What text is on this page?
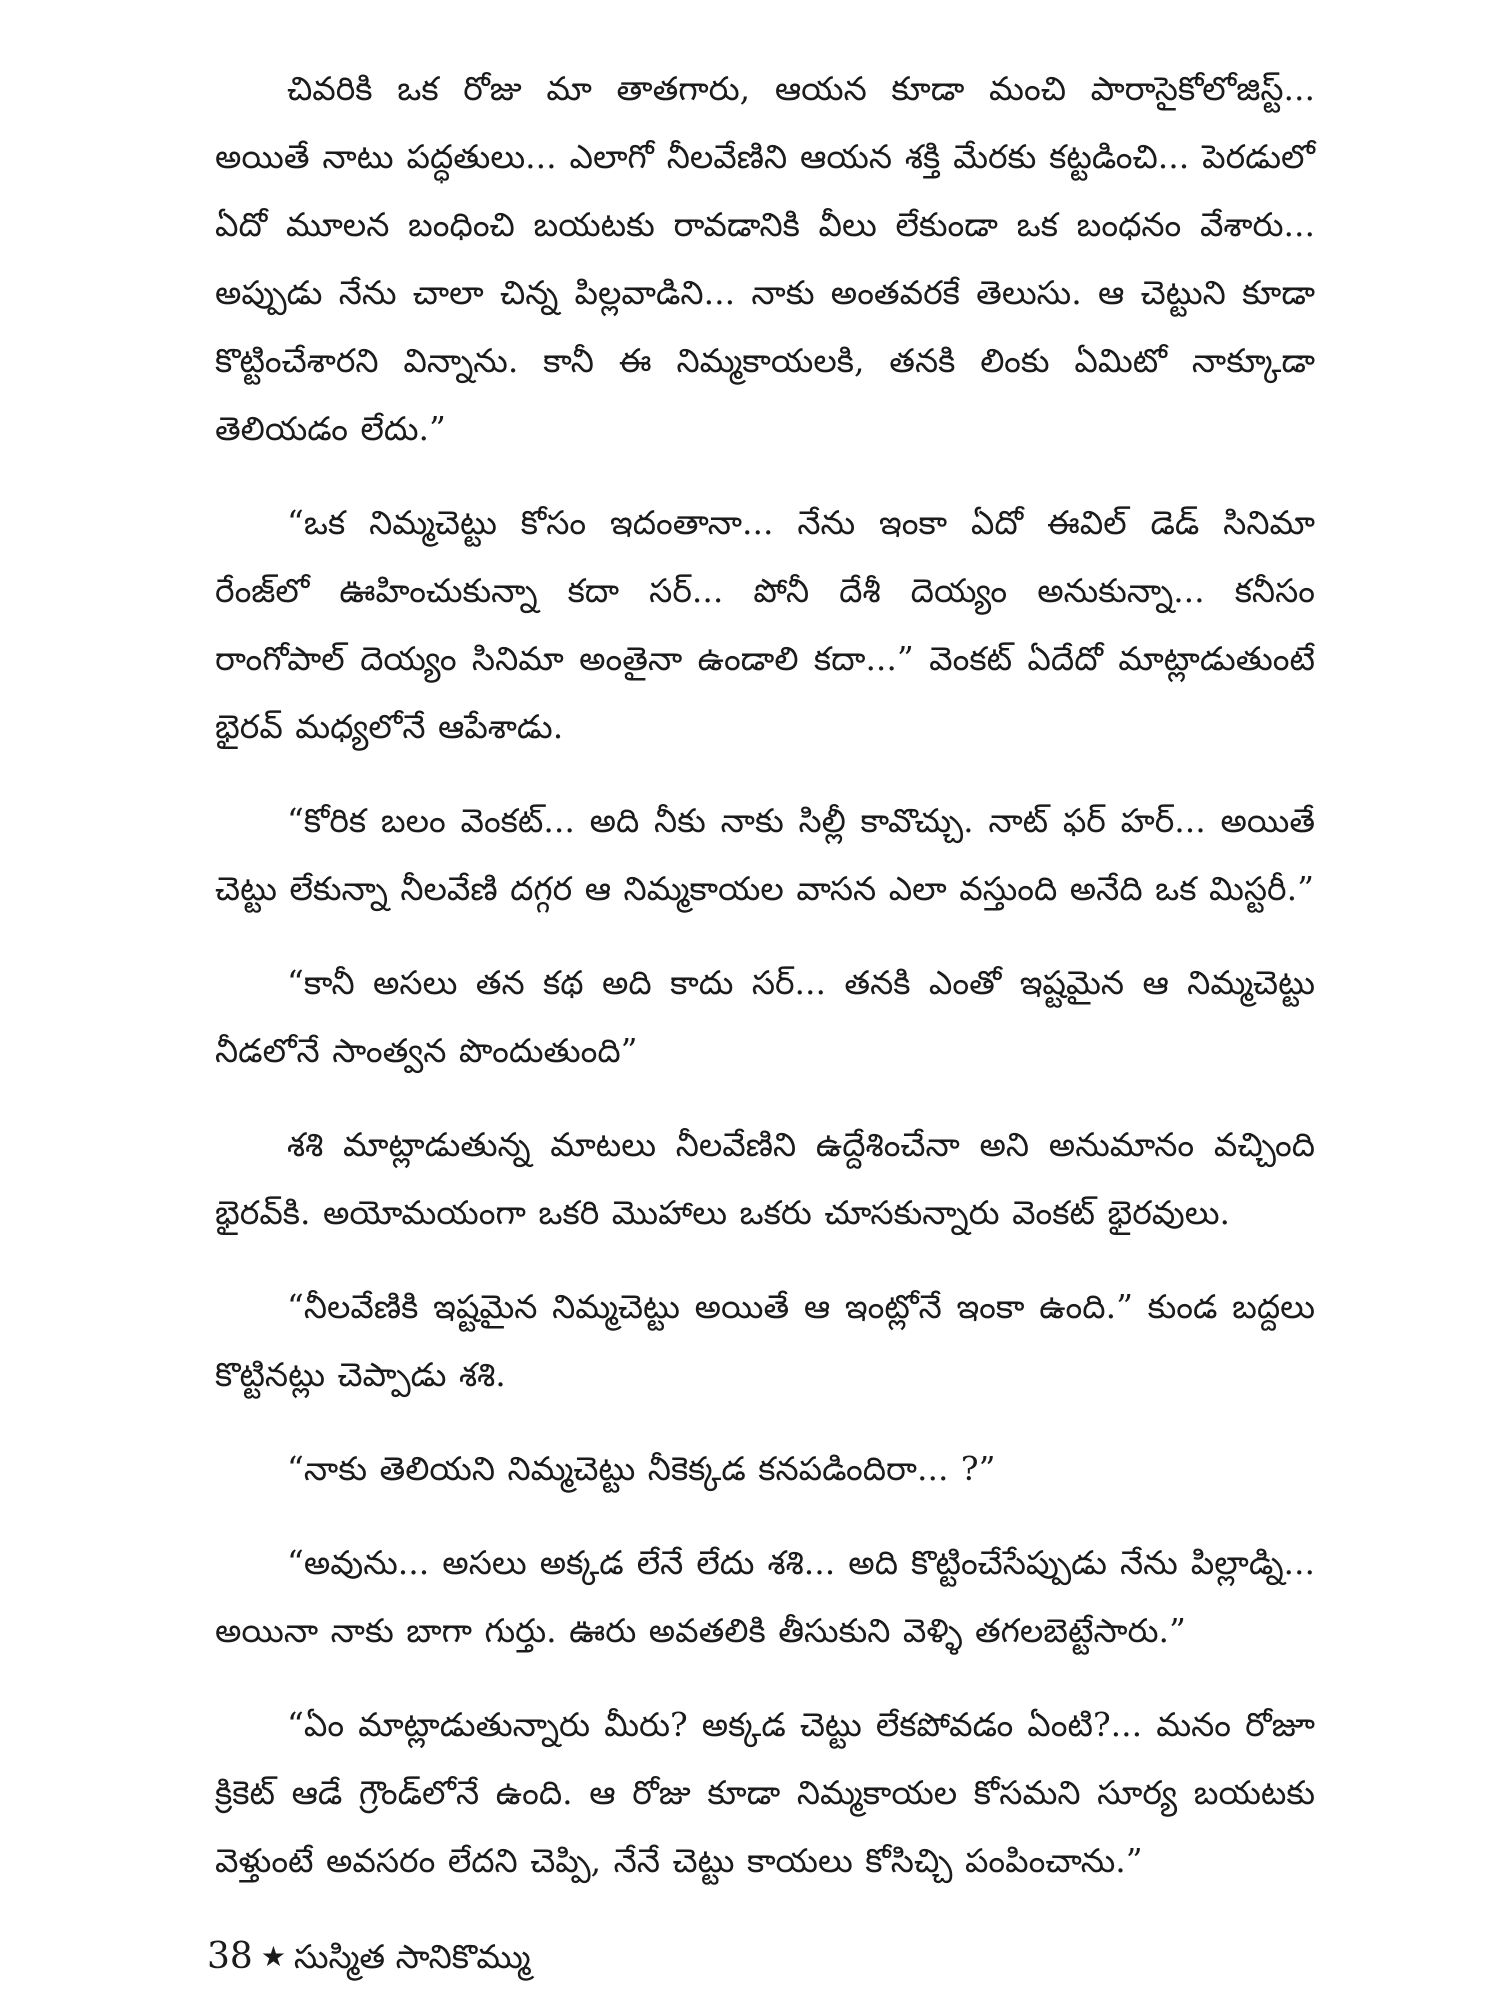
చివరికి ఒక రోజు మా తాతగారు, ఆయన కూడా మంచి పారాసైకోలోజిస్ట్... అయితే నాటు పద్ధతులు... ఎలాగో నీలవేణిని ఆయన శక్తి మేరకు కట్టడించి... పెరడులో ఏదో మూలన బంధించి బయటకు రావడానికి వీలు లేకుండా ఒక బంధనం వేశారు... అప్పుడు నేను చాలా చిన్న పిల్లవాడిని... నాకు అంతవరకే తెలుసు. ఆ చెట్టుని కూడా కొట్టించేశారని విన్నాను. కానీ ఈ నిమ్మకాయలకి, తనకి లింకు ఏమిటో నాక్కూడా తెలియడం లేదు.”

“ఒక నిమ్మచెట్టు కోసం ఇదంతానా... నేను ఇంకా ఏదో ఈవిల్ డెడ్ సినిమా రేంజ్‌లో ఊహించుకున్నా కదా సర్... పోనీ దేశీ దెయ్యం అనుకున్నా... కనీసం రాంగోపాల్ దెయ్యం సినిమా అంతైనా ఉండాలి కదా...” వెంకట్ ఏదేదో మాట్లాడుతుంటే భైరవ్ మధ్యలోనే ఆపేశాడు.

“కోరిక బలం వెంకట్... అది నీకు నాకు సిల్లీ కావొచ్చు. నాట్ ఫర్ హర్... అయితే చెట్టు లేకున్నా నీలవేణి దగ్గర ఆ నిమ్మకాయల వాసన ఎలా వస్తుంది అనేది ఒక మిస్టరీ.”

“కానీ అసలు తన కథ అది కాదు సర్... తనకి ఎంతో ఇష్టమైన ఆ నిమ్మచెట్టు నీడలోనే సాంత్వన పొందుతుంది”

శశి మాట్లాడుతున్న మాటలు నీలవేణిని ఉద్దేశించేనా అని అనుమానం వచ్చింది భైరవ్‌కి. అయోమయంగా ఒకరి మొహాలు ఒకరు చూసకున్నారు వెంకట్ భైరవులు.

“నీలవేణికి ఇష్టమైన నిమ్మచెట్టు అయితే ఆ ఇంట్లోనే ఇంకా ఉంది.” కుండ బద్దలు కొట్టినట్లు చెప్పాడు శశి.

“నాకు తెలియని నిమ్మచెట్టు నీకెక్కడ కనపడిందిరా... ?”

“అవును... అసలు అక్కడ లేనే లేదు శశి... అది కొట్టించేసేప్పుడు నేను పిల్లాడ్ని... అయినా నాకు బాగా గుర్తు. ఊరు అవతలికి తీసుకుని వెళ్ళి తగలబెట్టేసారు.”

“ఏం మాట్లాడుతున్నారు మీరు? అక్కడ చెట్టు లేకపోవడం ఏంటి?... మనం రోజూ క్రికెట్ ఆడే గ్రౌండ్‌లోనే ఉంది. ఆ రోజు కూడా నిమ్మకాయల కోసమని సూర్య బయటకు వెళ్తుంటే అవసరం లేదని చెప్పి, నేనే చెట్టు కాయలు కోసిచ్చి పంపించాను.”

38 ★ సుస్మిత సానికొమ్ము
